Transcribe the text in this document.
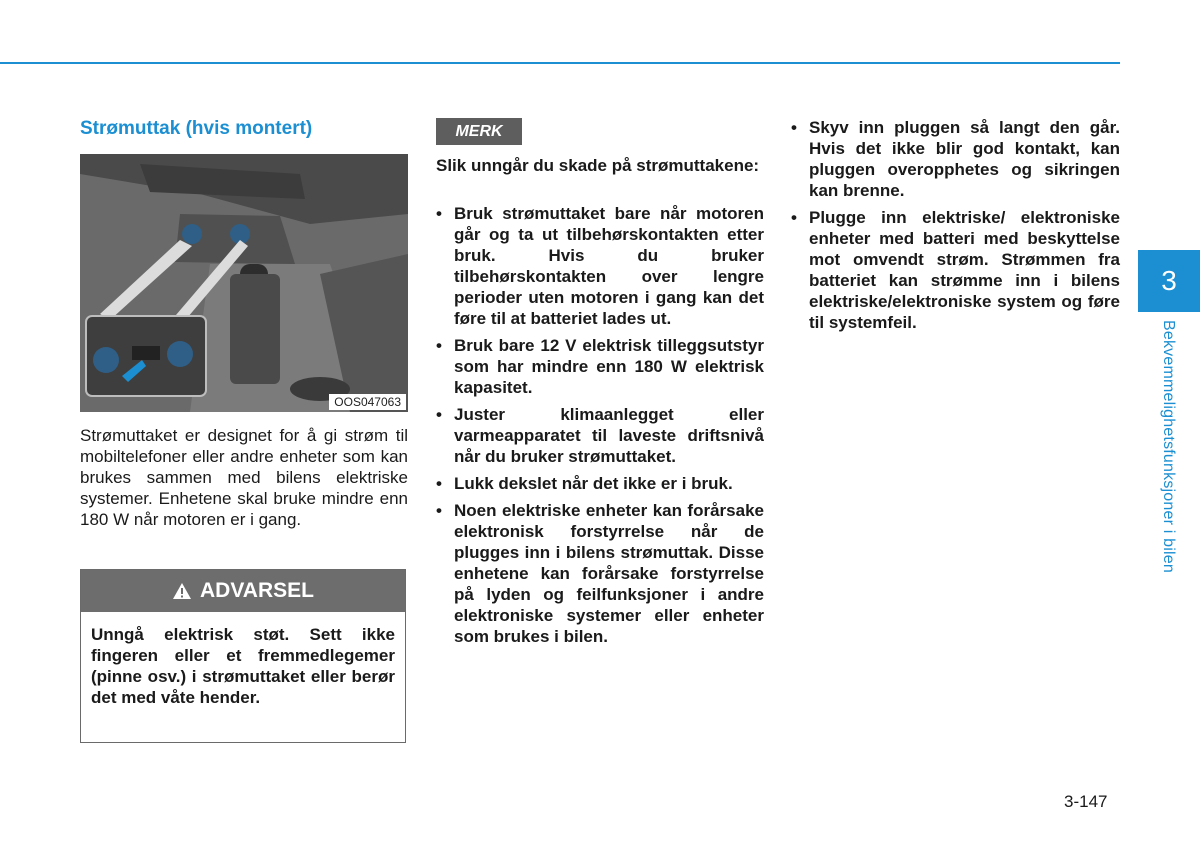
Strømuttak (hvis montert)
OOS047063

Strømuttaket er designet for å gi strøm til mobiltelefoner eller andre enheter som kan brukes sammen med bilens elektriske systemer. Enhetene skal bruke mindre enn 180 W når motoren er i gang.

ADVARSEL

Unngå elektrisk støt. Sett ikke fingeren eller et fremmedlegemer (pinne osv.) i strømuttaket eller berør det med våte hender.

MERK

Slik unngår du skade på strømuttakene:

• Bruk strømuttaket bare når motoren går og ta ut tilbehørskontakten etter bruk. Hvis du bruker tilbehørskontakten over lengre perioder uten motoren i gang kan det føre til at batteriet lades ut.
• Bruk bare 12 V elektrisk tilleggsutstyr som har mindre enn 180 W elektrisk kapasitet.
• Juster klimaanlegget eller varmeapparatet til laveste driftsnivå når du bruker strømuttaket.
• Lukk dekslet når det ikke er i bruk.
• Noen elektriske enheter kan forårsake elektronisk forstyrrelse når de plugges inn i bilens strømuttak. Disse enhetene kan forårsake forstyrrelse på lyden og feilfunksjoner i andre elektroniske systemer eller enheter som brukes i bilen.
• Skyv inn pluggen så langt den går. Hvis det ikke blir god kontakt, kan pluggen overopphetes og sikringen kan brenne.
• Plugge inn elektriske/ elektroniske enheter med batteri med beskyttelse mot omvendt strøm. Strømmen fra batteriet kan strømme inn i bilens elektriske/elektroniske system og føre til systemfeil.
3
Bekvemmelighetsfunksjoner i bilen
3-147
